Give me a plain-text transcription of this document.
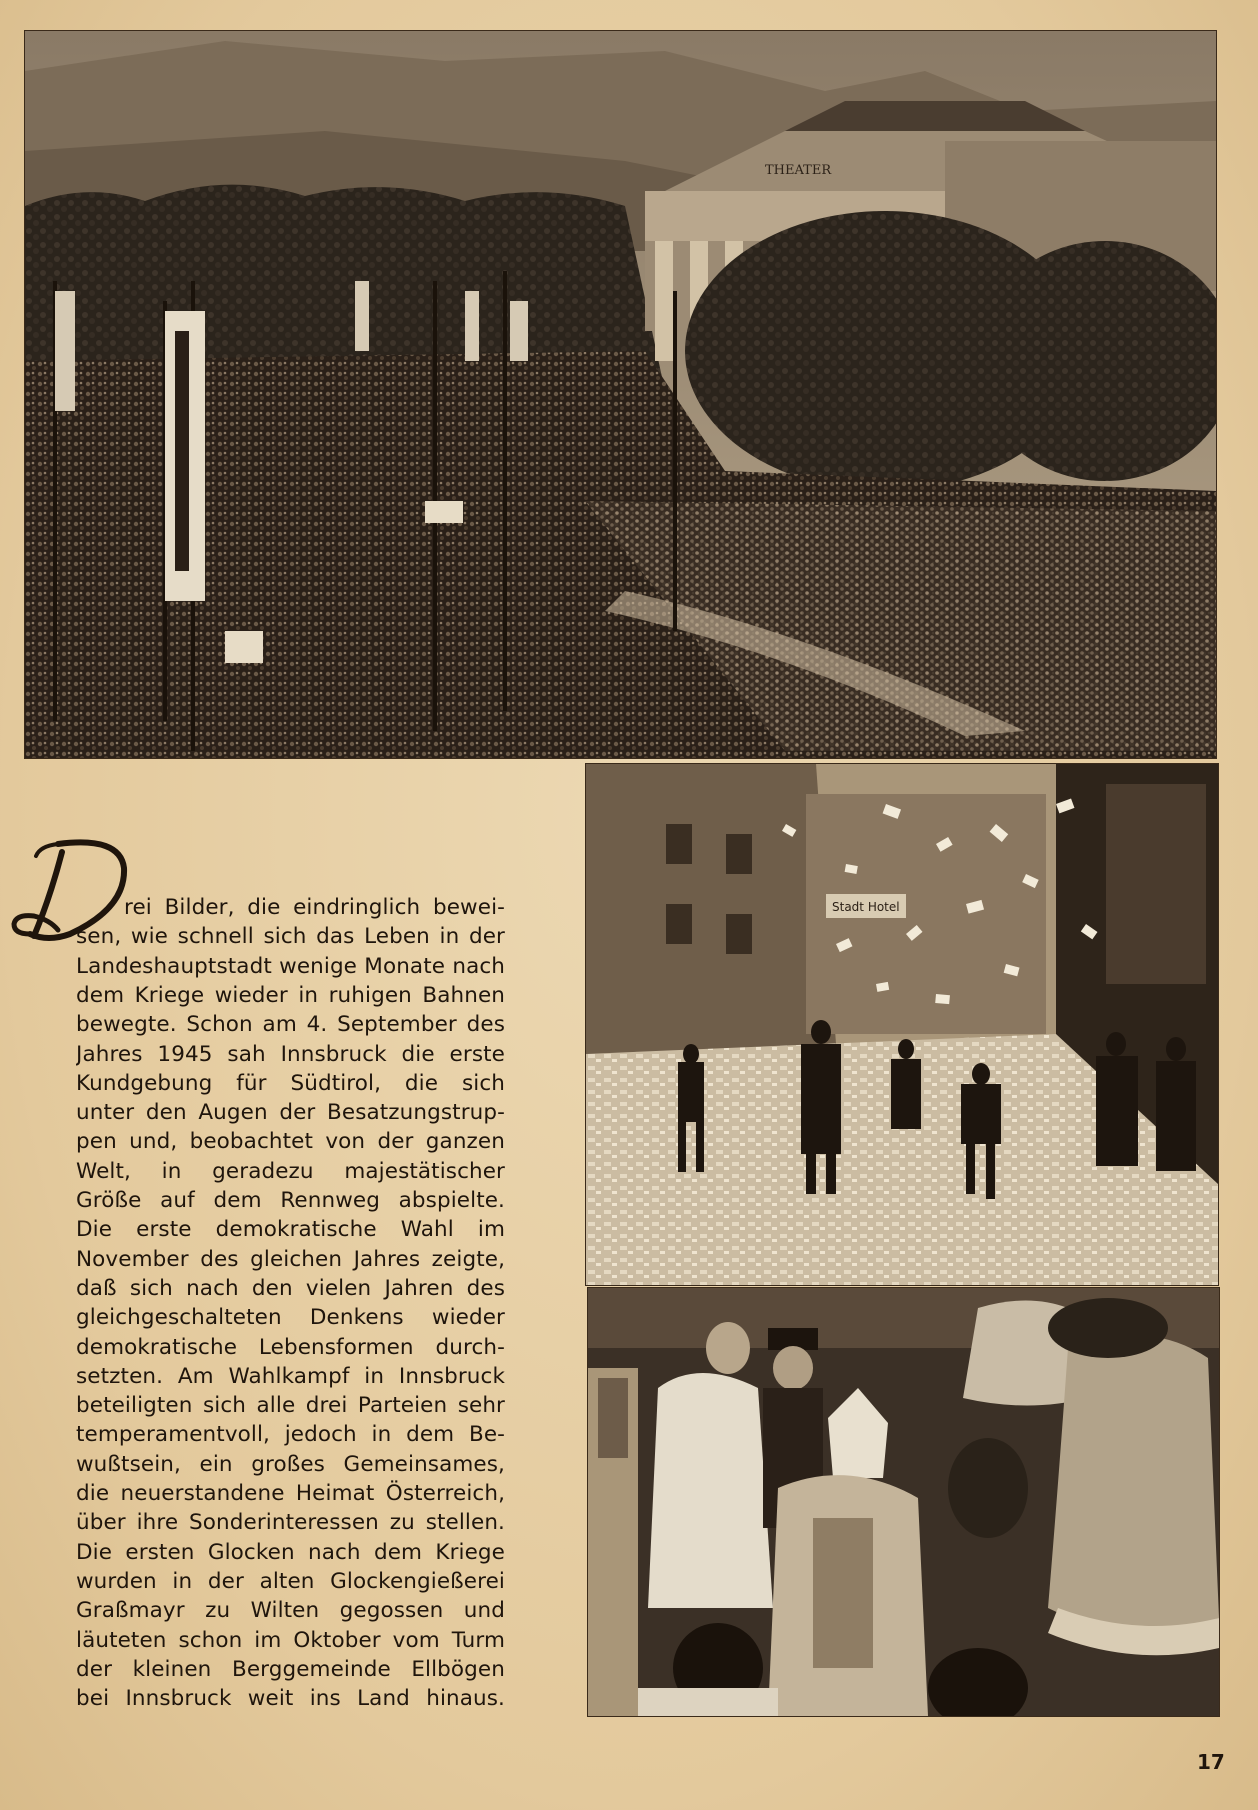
THEATER
Stadt Hotel
rei Bilder, die eindringlich bewei-
sen, wie schnell sich das Leben in der
Landeshauptstadt wenige Monate nach
dem Kriege wieder in ruhigen Bahnen
bewegte. Schon am 4. September des
Jahres 1945 sah Innsbruck die erste
Kundgebung für Südtirol, die sich
unter den Augen der Besatzungstrup-
pen und, beobachtet von der ganzen
Welt, in geradezu majestätischer
Größe auf dem Rennweg abspielte.
Die erste demokratische Wahl im
November des gleichen Jahres zeigte,
daß sich nach den vielen Jahren des
gleichgeschalteten Denkens wieder
demokratische Lebensformen durch-
setzten. Am Wahlkampf in Innsbruck
beteiligten sich alle drei Parteien sehr
temperamentvoll, jedoch in dem Be-
wußtsein, ein großes Gemeinsames,
die neuerstandene Heimat Österreich,
über ihre Sonderinteressen zu stellen.
Die ersten Glocken nach dem Kriege
wurden in der alten Glockengießerei
Graßmayr zu Wilten gegossen und
läuteten schon im Oktober vom Turm
der kleinen Berggemeinde Ellbögen
bei Innsbruck weit ins Land hinaus.
17
